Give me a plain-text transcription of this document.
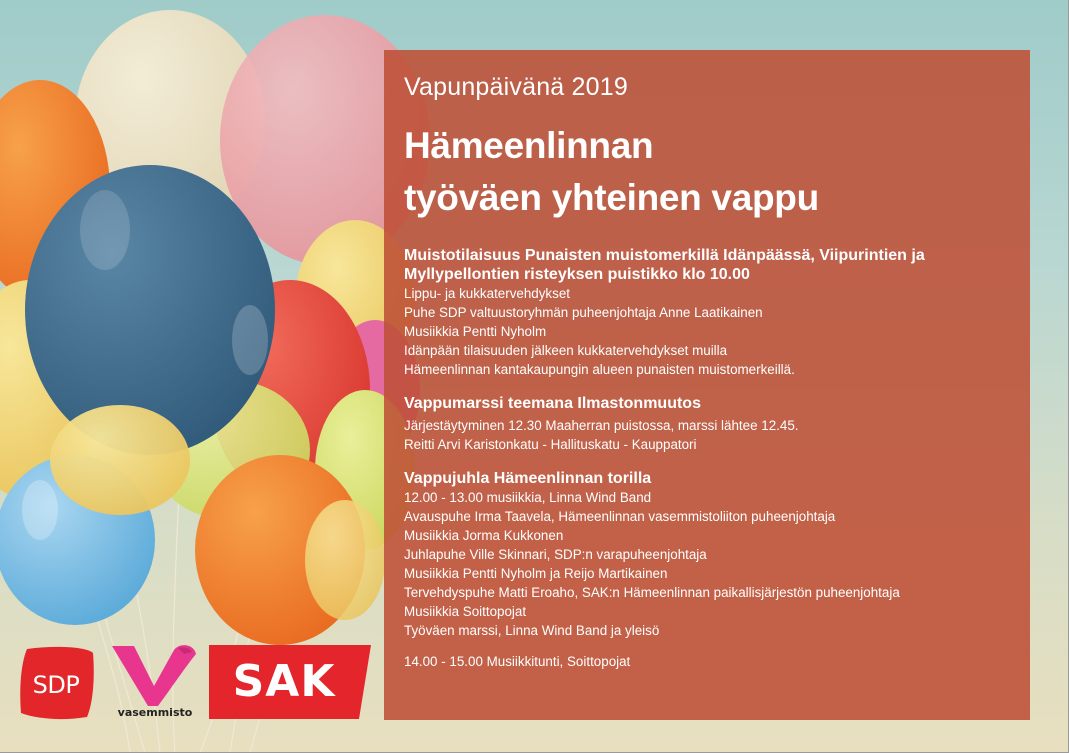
Vapunpäivänä 2019
Hämeenlinnan
työväen yhteinen vappu
Muistotilaisuus Punaisten muistomerkillä Idänpäässä, Viipurintien ja
Myllypellontien risteyksen puistikko klo 10.00
Lippu- ja kukkatervehdykset
Puhe SDP valtuustoryhmän puheenjohtaja Anne Laatikainen
Musiikkia Pentti Nyholm
Idänpään tilaisuuden jälkeen kukkatervehdykset muilla
Hämeenlinnan kantakaupungin alueen punaisten muistomerkeillä.
Vappumarssi teemana Ilmastonmuutos
Järjestäytyminen 12.30 Maaherran puistossa, marssi lähtee 12.45.
Reitti Arvi Karistonkatu - Hallituskatu - Kauppatori
Vappujuhla Hämeenlinnan torilla
12.00 - 13.00 musiikkia, Linna Wind Band
Avauspuhe Irma Taavela, Hämeenlinnan vasemmistoliiton puheenjohtaja
Musiikkia Jorma Kukkonen
Juhlapuhe Ville Skinnari, SDP:n varapuheenjohtaja
Musiikkia Pentti Nyholm ja Reijo Martikainen
Tervehdyspuhe Matti Eroaho, SAK:n Hämeenlinnan paikallisjärjestön puheenjohtaja
Musiikkia Soittopojat
Työväen marssi, Linna Wind Band ja yleisö
14.00 - 15.00 Musiikkitunti, Soittopojat
SDP
vasemmisto
SAK
